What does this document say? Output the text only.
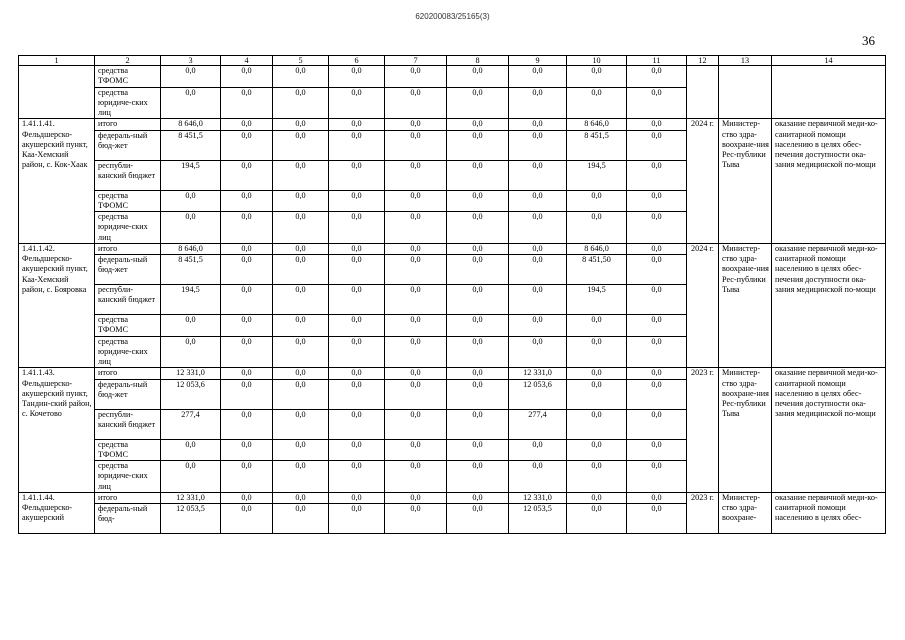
620200083/25165(3)
36
1	2	3	4	5	6	7	8	9	10	11	12	13	14
	средства ТФОМС	0,0	0,0	0,0	0,0	0,0	0,0	0,0	0,0	0,0			
	средства юридиче-ских лиц	0,0	0,0	0,0	0,0	0,0	0,0	0,0	0,0	0,0			
1.41.1.41. Фельдшерско-акушерский пункт, Каа-Хемский район, с. Кок-Хаак	итого	8 646,0	0,0	0,0	0,0	0,0	0,0	0,0	8 646,0	0,0	2024 г.	Министер-ство здра-воохране-ния Рес-публики Тыва	оказание первичной меди-ко-санитарной помощи населению в целях обес-печения доступности ока-зания медицинской по-мощи
	федераль-ный бюд-жет	8 451,5	0,0	0,0	0,0	0,0	0,0	0,0	8 451,5	0,0			
	республи-канский бюджет	194,5	0,0	0,0	0,0	0,0	0,0	0,0	194,5	0,0			
	средства ТФОМС	0,0	0,0	0,0	0,0	0,0	0,0	0,0	0,0	0,0			
	средства юридиче-ских лиц	0,0	0,0	0,0	0,0	0,0	0,0	0,0	0,0	0,0			
1.41.1.42. Фельдшерско-акушерский пункт, Каа-Хемский район, с. Бояровка	итого	8 646,0	0,0	0,0	0,0	0,0	0,0	0,0	8 646,0	0,0	2024 г.	Министер-ство здра-воохране-ния Рес-публики Тыва	оказание первичной меди-ко-санитарной помощи населению в целях обес-печения доступности ока-зания медицинской по-мощи
	федераль-ный бюд-жет	8 451,5	0,0	0,0	0,0	0,0	0,0	0,0	8 451,50	0,0			
	республи-канский бюджет	194,5	0,0	0,0	0,0	0,0	0,0	0,0	194,5	0,0			
	средства ТФОМС	0,0	0,0	0,0	0,0	0,0	0,0	0,0	0,0	0,0			
	средства юридиче-ских лиц	0,0	0,0	0,0	0,0	0,0	0,0	0,0	0,0	0,0			
1.41.1.43. Фельдшерско-акушерский пункт, Тандин-ский район, с. Кочетово	итого	12 331,0	0,0	0,0	0,0	0,0	0,0	12 331,0	0,0	0,0	2023 г.	Министер-ство здра-воохране-ния Рес-публики Тыва	оказание первичной меди-ко-санитарной помощи населению в целях обес-печения доступности ока-зания медицинской по-мощи
	федераль-ный бюд-жет	12 053,6	0,0	0,0	0,0	0,0	0,0	12 053,6	0,0	0,0			
	республи-канский бюджет	277,4	0,0	0,0	0,0	0,0	0,0	277,4	0,0	0,0			
	средства ТФОМС	0,0	0,0	0,0	0,0	0,0	0,0	0,0	0,0	0,0			
	средства юридиче-ских лиц	0,0	0,0	0,0	0,0	0,0	0,0	0,0	0,0	0,0			
1.41.1.44. Фельдшерско-акушерский	итого	12 331,0	0,0	0,0	0,0	0,0	0,0	12 331,0	0,0	0,0	2023 г.	Министер-ство здра-воохране-	оказание первичной меди-ко-санитарной помощи населению в целях обес-
	федераль-ный бюд-	12 053,5	0,0	0,0	0,0	0,0	0,0	12 053,5	0,0	0,0			
